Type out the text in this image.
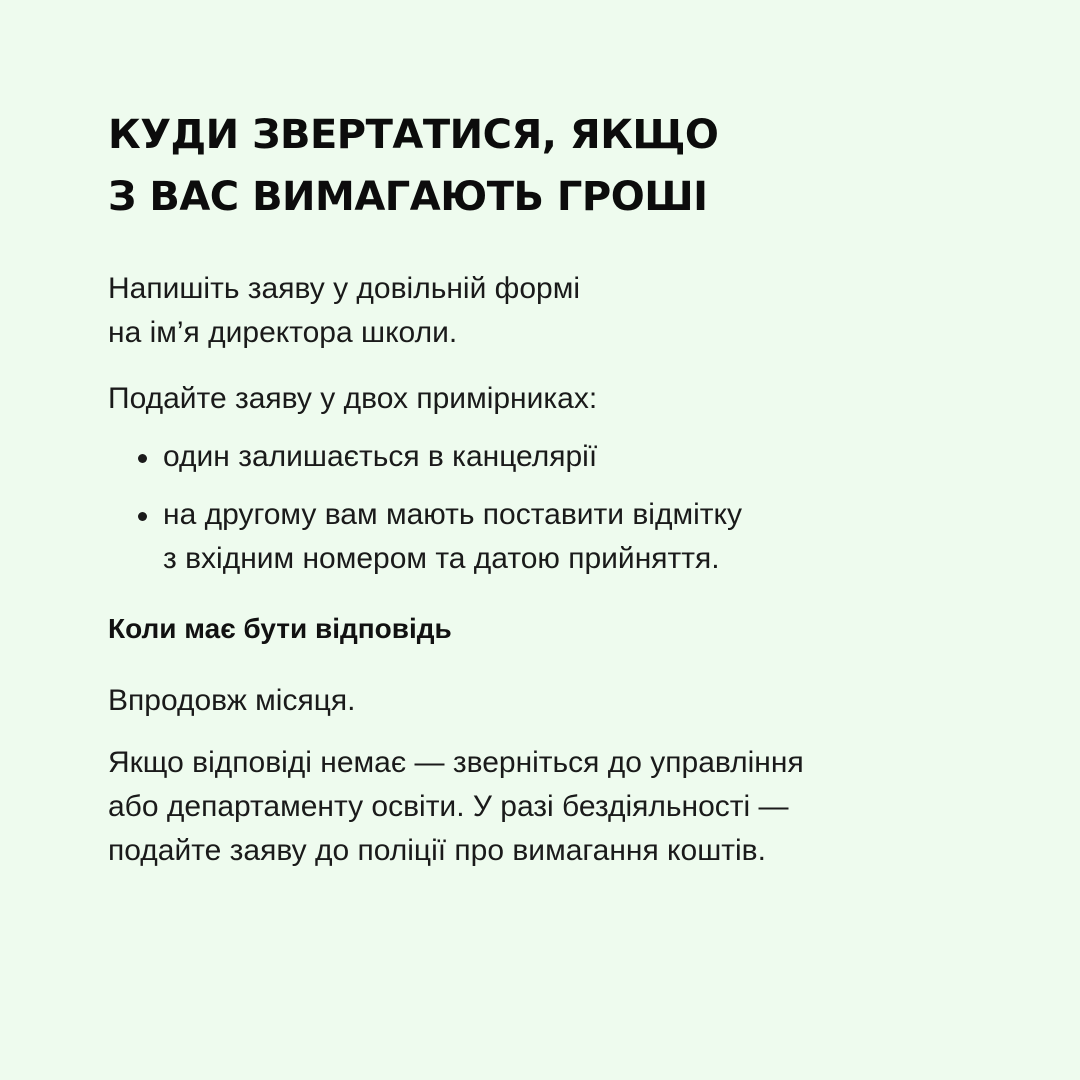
КУДИ ЗВЕРТАТИСЯ, ЯКЩО
З ВАС ВИМАГАЮТЬ ГРОШІ

Напишіть заяву у довільній формі
на ім’я директора школи.

Подайте заяву у двох примірниках:

один залишається в канцелярії
на другому вам мають поставити відмітку
з вхідним номером та датою прийняття.
Коли має бути відповідь

Впродовж місяця.

Якщо відповіді немає — зверніться до управління
або департаменту освіти. У разі бездіяльності —
подайте заяву до поліції про вимагання коштів.
